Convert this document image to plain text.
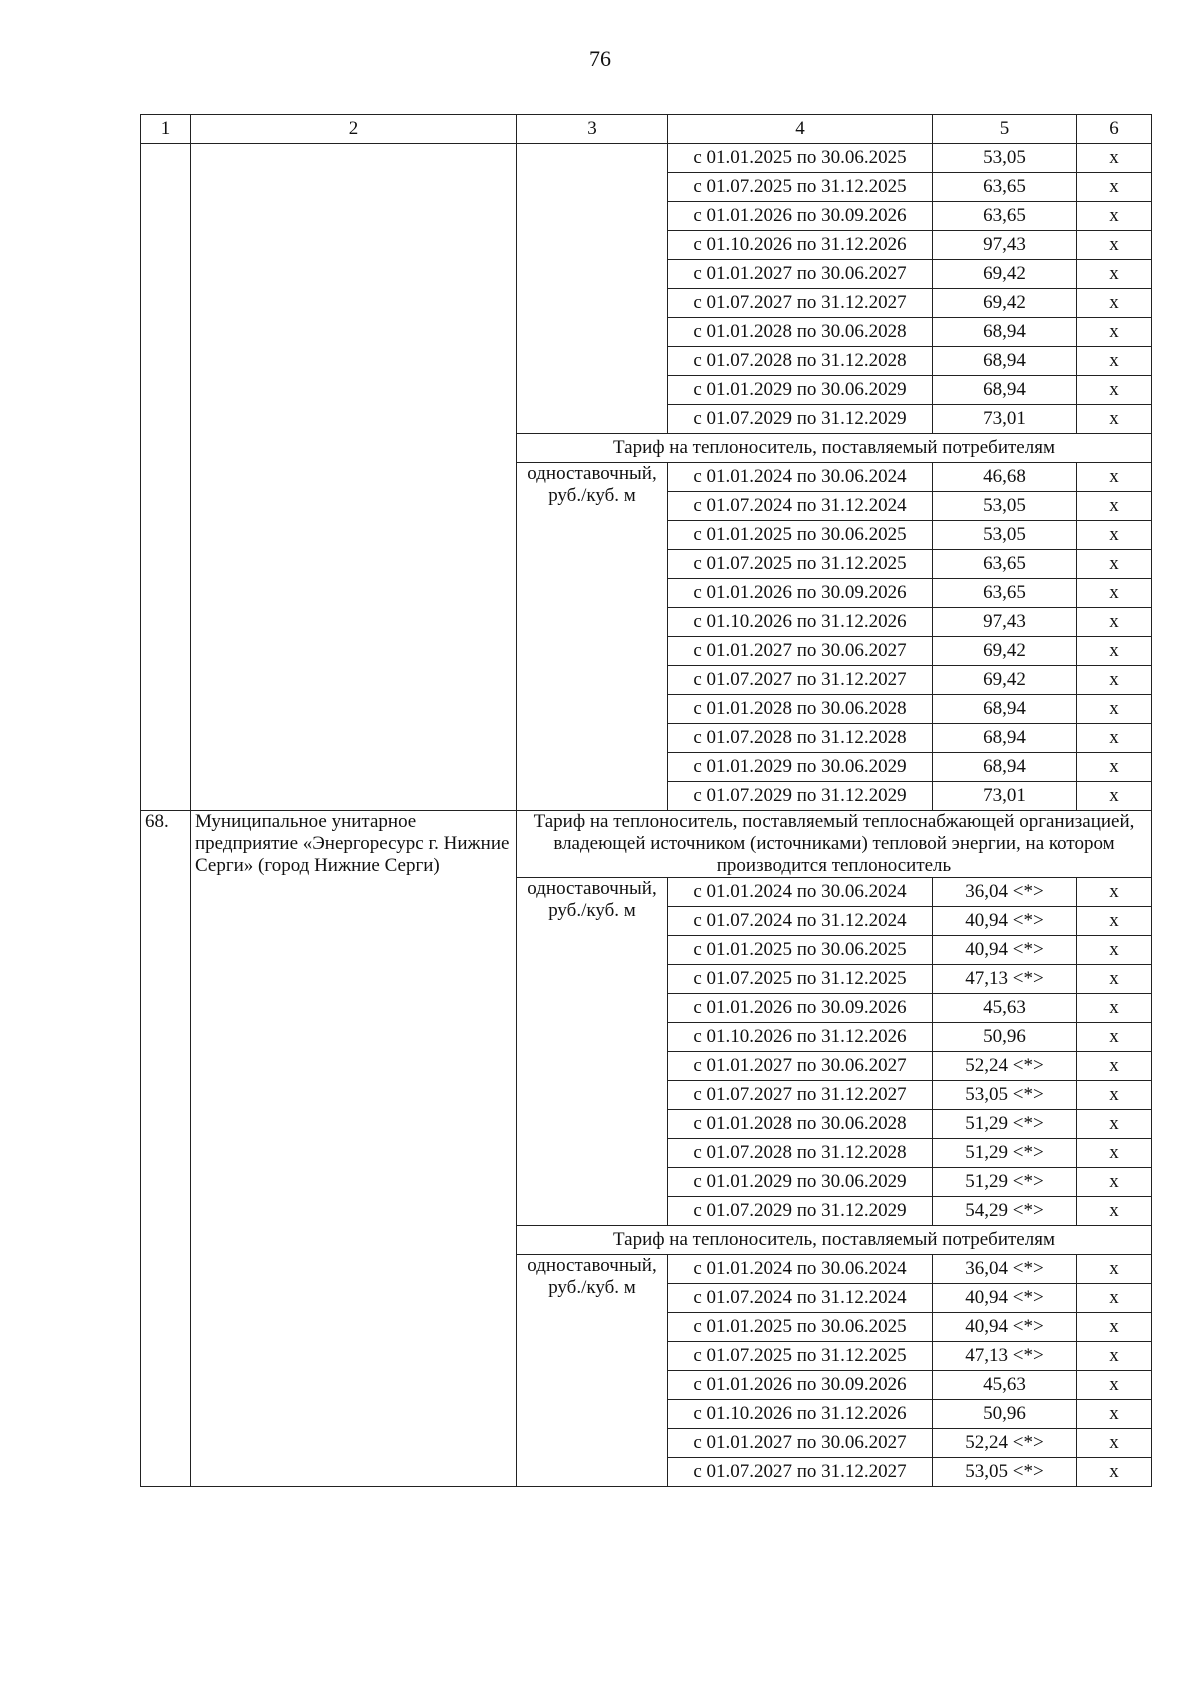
76
1	2	3	4	5	6
			с 01.01.2025 по 30.06.2025	53,05	х
			с 01.07.2025 по 31.12.2025	63,65	х
			с 01.01.2026 по 30.09.2026	63,65	х
			с 01.10.2026 по 31.12.2026	97,43	х
			с 01.01.2027 по 30.06.2027	69,42	х
			с 01.07.2027 по 31.12.2027	69,42	х
			с 01.01.2028 по 30.06.2028	68,94	х
			с 01.07.2028 по 31.12.2028	68,94	х
			с 01.01.2029 по 30.06.2029	68,94	х
			с 01.07.2029 по 31.12.2029	73,01	х
		Тариф на теплоноситель, поставляемый потребителям			
		одноставочный, руб./куб. м	с 01.01.2024 по 30.06.2024	46,68	х
			с 01.07.2024 по 31.12.2024	53,05	х
			с 01.01.2025 по 30.06.2025	53,05	х
			с 01.07.2025 по 31.12.2025	63,65	х
			с 01.01.2026 по 30.09.2026	63,65	х
			с 01.10.2026 по 31.12.2026	97,43	х
			с 01.01.2027 по 30.06.2027	69,42	х
			с 01.07.2027 по 31.12.2027	69,42	х
			с 01.01.2028 по 30.06.2028	68,94	х
			с 01.07.2028 по 31.12.2028	68,94	х
			с 01.01.2029 по 30.06.2029	68,94	х
			с 01.07.2029 по 31.12.2029	73,01	х
68.	Муниципальное унитарное предприятие «Энергоресурс г. Нижние Серги» (город Нижние Серги)	Тариф на теплоноситель, поставляемый теплоснабжающей организацией, владеющей источником (источниками) тепловой энергии, на котором производится теплоноситель			
		одноставочный, руб./куб. м	с 01.01.2024 по 30.06.2024	36,04 <*>	х
			с 01.07.2024 по 31.12.2024	40,94 <*>	х
			с 01.01.2025 по 30.06.2025	40,94 <*>	х
			с 01.07.2025 по 31.12.2025	47,13 <*>	х
			с 01.01.2026 по 30.09.2026	45,63	х
			с 01.10.2026 по 31.12.2026	50,96	х
			с 01.01.2027 по 30.06.2027	52,24 <*>	х
			с 01.07.2027 по 31.12.2027	53,05 <*>	х
			с 01.01.2028 по 30.06.2028	51,29 <*>	х
			с 01.07.2028 по 31.12.2028	51,29 <*>	х
			с 01.01.2029 по 30.06.2029	51,29 <*>	х
			с 01.07.2029 по 31.12.2029	54,29 <*>	х
		Тариф на теплоноситель, поставляемый потребителям			
		одноставочный, руб./куб. м	с 01.01.2024 по 30.06.2024	36,04 <*>	х
			с 01.07.2024 по 31.12.2024	40,94 <*>	х
			с 01.01.2025 по 30.06.2025	40,94 <*>	х
			с 01.07.2025 по 31.12.2025	47,13 <*>	х
			с 01.01.2026 по 30.09.2026	45,63	х
			с 01.10.2026 по 31.12.2026	50,96	х
			с 01.01.2027 по 30.06.2027	52,24 <*>	х
			с 01.07.2027 по 31.12.2027	53,05 <*>	х
